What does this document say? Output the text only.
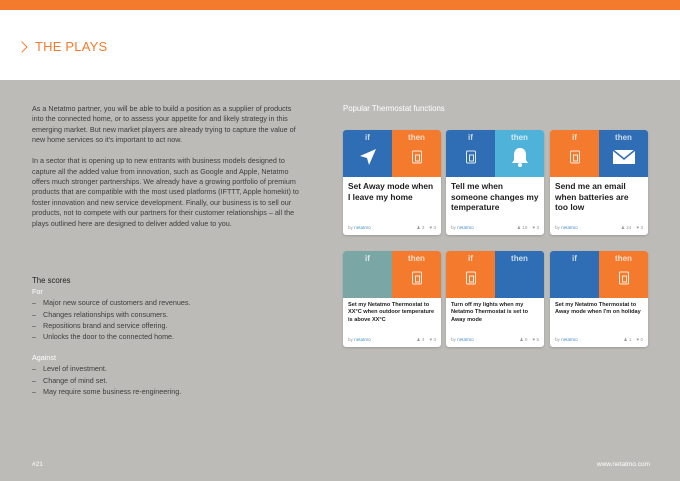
THE PLAYS

As a Netatmo partner, you will be able to build a position as a supplier of products into the connected home, or to assess your appetite for and likely strategy in this emerging market. But new market players are already trying to capture the value of new home services so it's important to act now.

In a sector that is opening up to new entrants with business models designed to capture all the added value from innovation, such as Google and Apple, Netatmo offers much stronger partnerships. We already have a growing portfolio of premium products that are compatible with the most used platforms (IFTTT, Apple homekit) to foster innovation and new service development. Finally, our business is to sell our products, not to compete with our partners for their customer relationships – all the plays outlined here are designed to deliver added value to you.

The scores
For
– Major new source of customers and revenues.
– Changes relationships with consumers.
– Repositions brand and service offering.
– Unlocks the door to the connected home.
Against
– Level of investment.
– Change of mind set.
– May require some business re-engineering.
Popular Thermostat functions
if	then
Set Away mode when I leave my home
by netatmo	♟ 3 ♥ 3
if	then
Tell me when someone changes my temperature
by netatmo	♟ 16 ♥ 3
if	then
Send me an email when batteries are too low
by netatmo	♟ 24 ♥ 3
if	then
Set my Netatmo Thermostat to XX°C when outdoor temperature is above XX°C
by netatmo	♟ 4 ♥ 3
if	then
Turn off my lights when my Netatmo Thermostat is set to Away mode
by netatmo	♟ 0 ♥ 5
if	then
Set my Netatmo Thermostat to Away mode when I'm on holiday
by netatmo	♟ 1 ♥ 0
#21	www.netatmo.com
